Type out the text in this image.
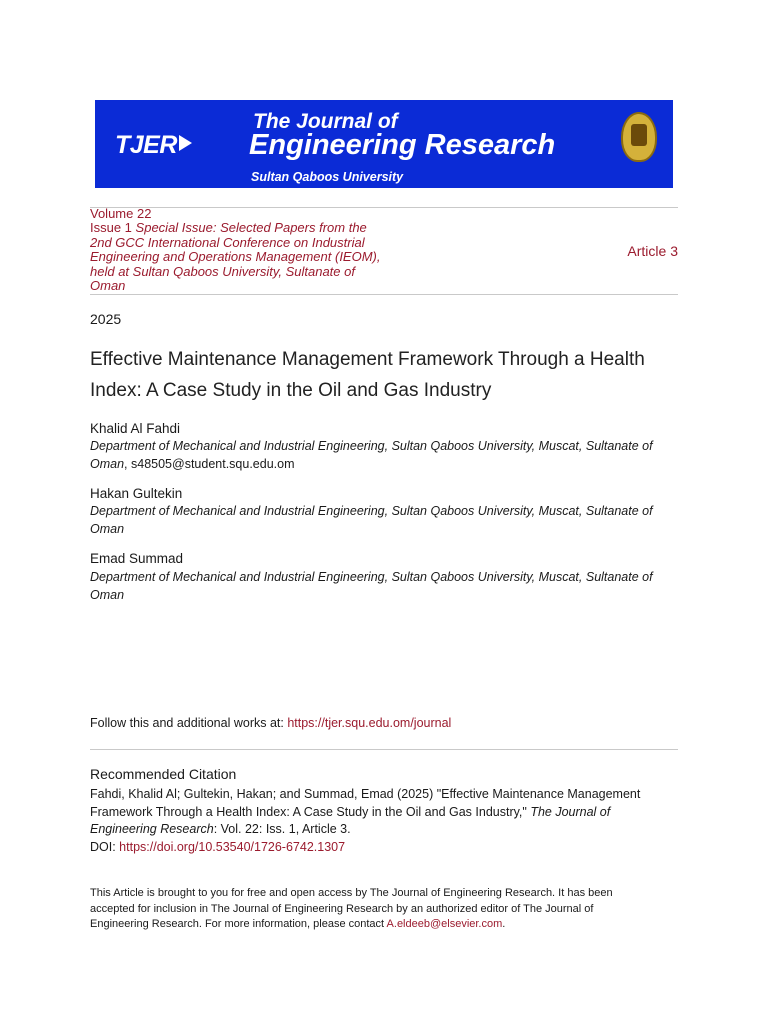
TJER
The Journal of
Engineering Research
Sultan Qaboos University
Volume 22
Issue 1 Special Issue: Selected Papers from the 2nd GCC International Conference on Industrial Engineering and Operations Management (IEOM), held at Sultan Qaboos University, Sultanate of Oman
Article 3
2025
Effective Maintenance Management Framework Through a Health Index: A Case Study in the Oil and Gas Industry
Khalid Al Fahdi
Department of Mechanical and Industrial Engineering, Sultan Qaboos University, Muscat, Sultanate of Oman, s48505@student.squ.edu.om
Hakan Gultekin
Department of Mechanical and Industrial Engineering, Sultan Qaboos University, Muscat, Sultanate of Oman
Emad Summad
Department of Mechanical and Industrial Engineering, Sultan Qaboos University, Muscat, Sultanate of Oman
Follow this and additional works at: https://tjer.squ.edu.om/journal
Recommended Citation
Fahdi, Khalid Al; Gultekin, Hakan; and Summad, Emad (2025) "Effective Maintenance Management Framework Through a Health Index: A Case Study in the Oil and Gas Industry," The Journal of Engineering Research: Vol. 22: Iss. 1, Article 3.
DOI: https://doi.org/10.53540/1726-6742.1307
This Article is brought to you for free and open access by The Journal of Engineering Research. It has been accepted for inclusion in The Journal of Engineering Research by an authorized editor of The Journal of Engineering Research. For more information, please contact A.eldeeb@elsevier.com.
